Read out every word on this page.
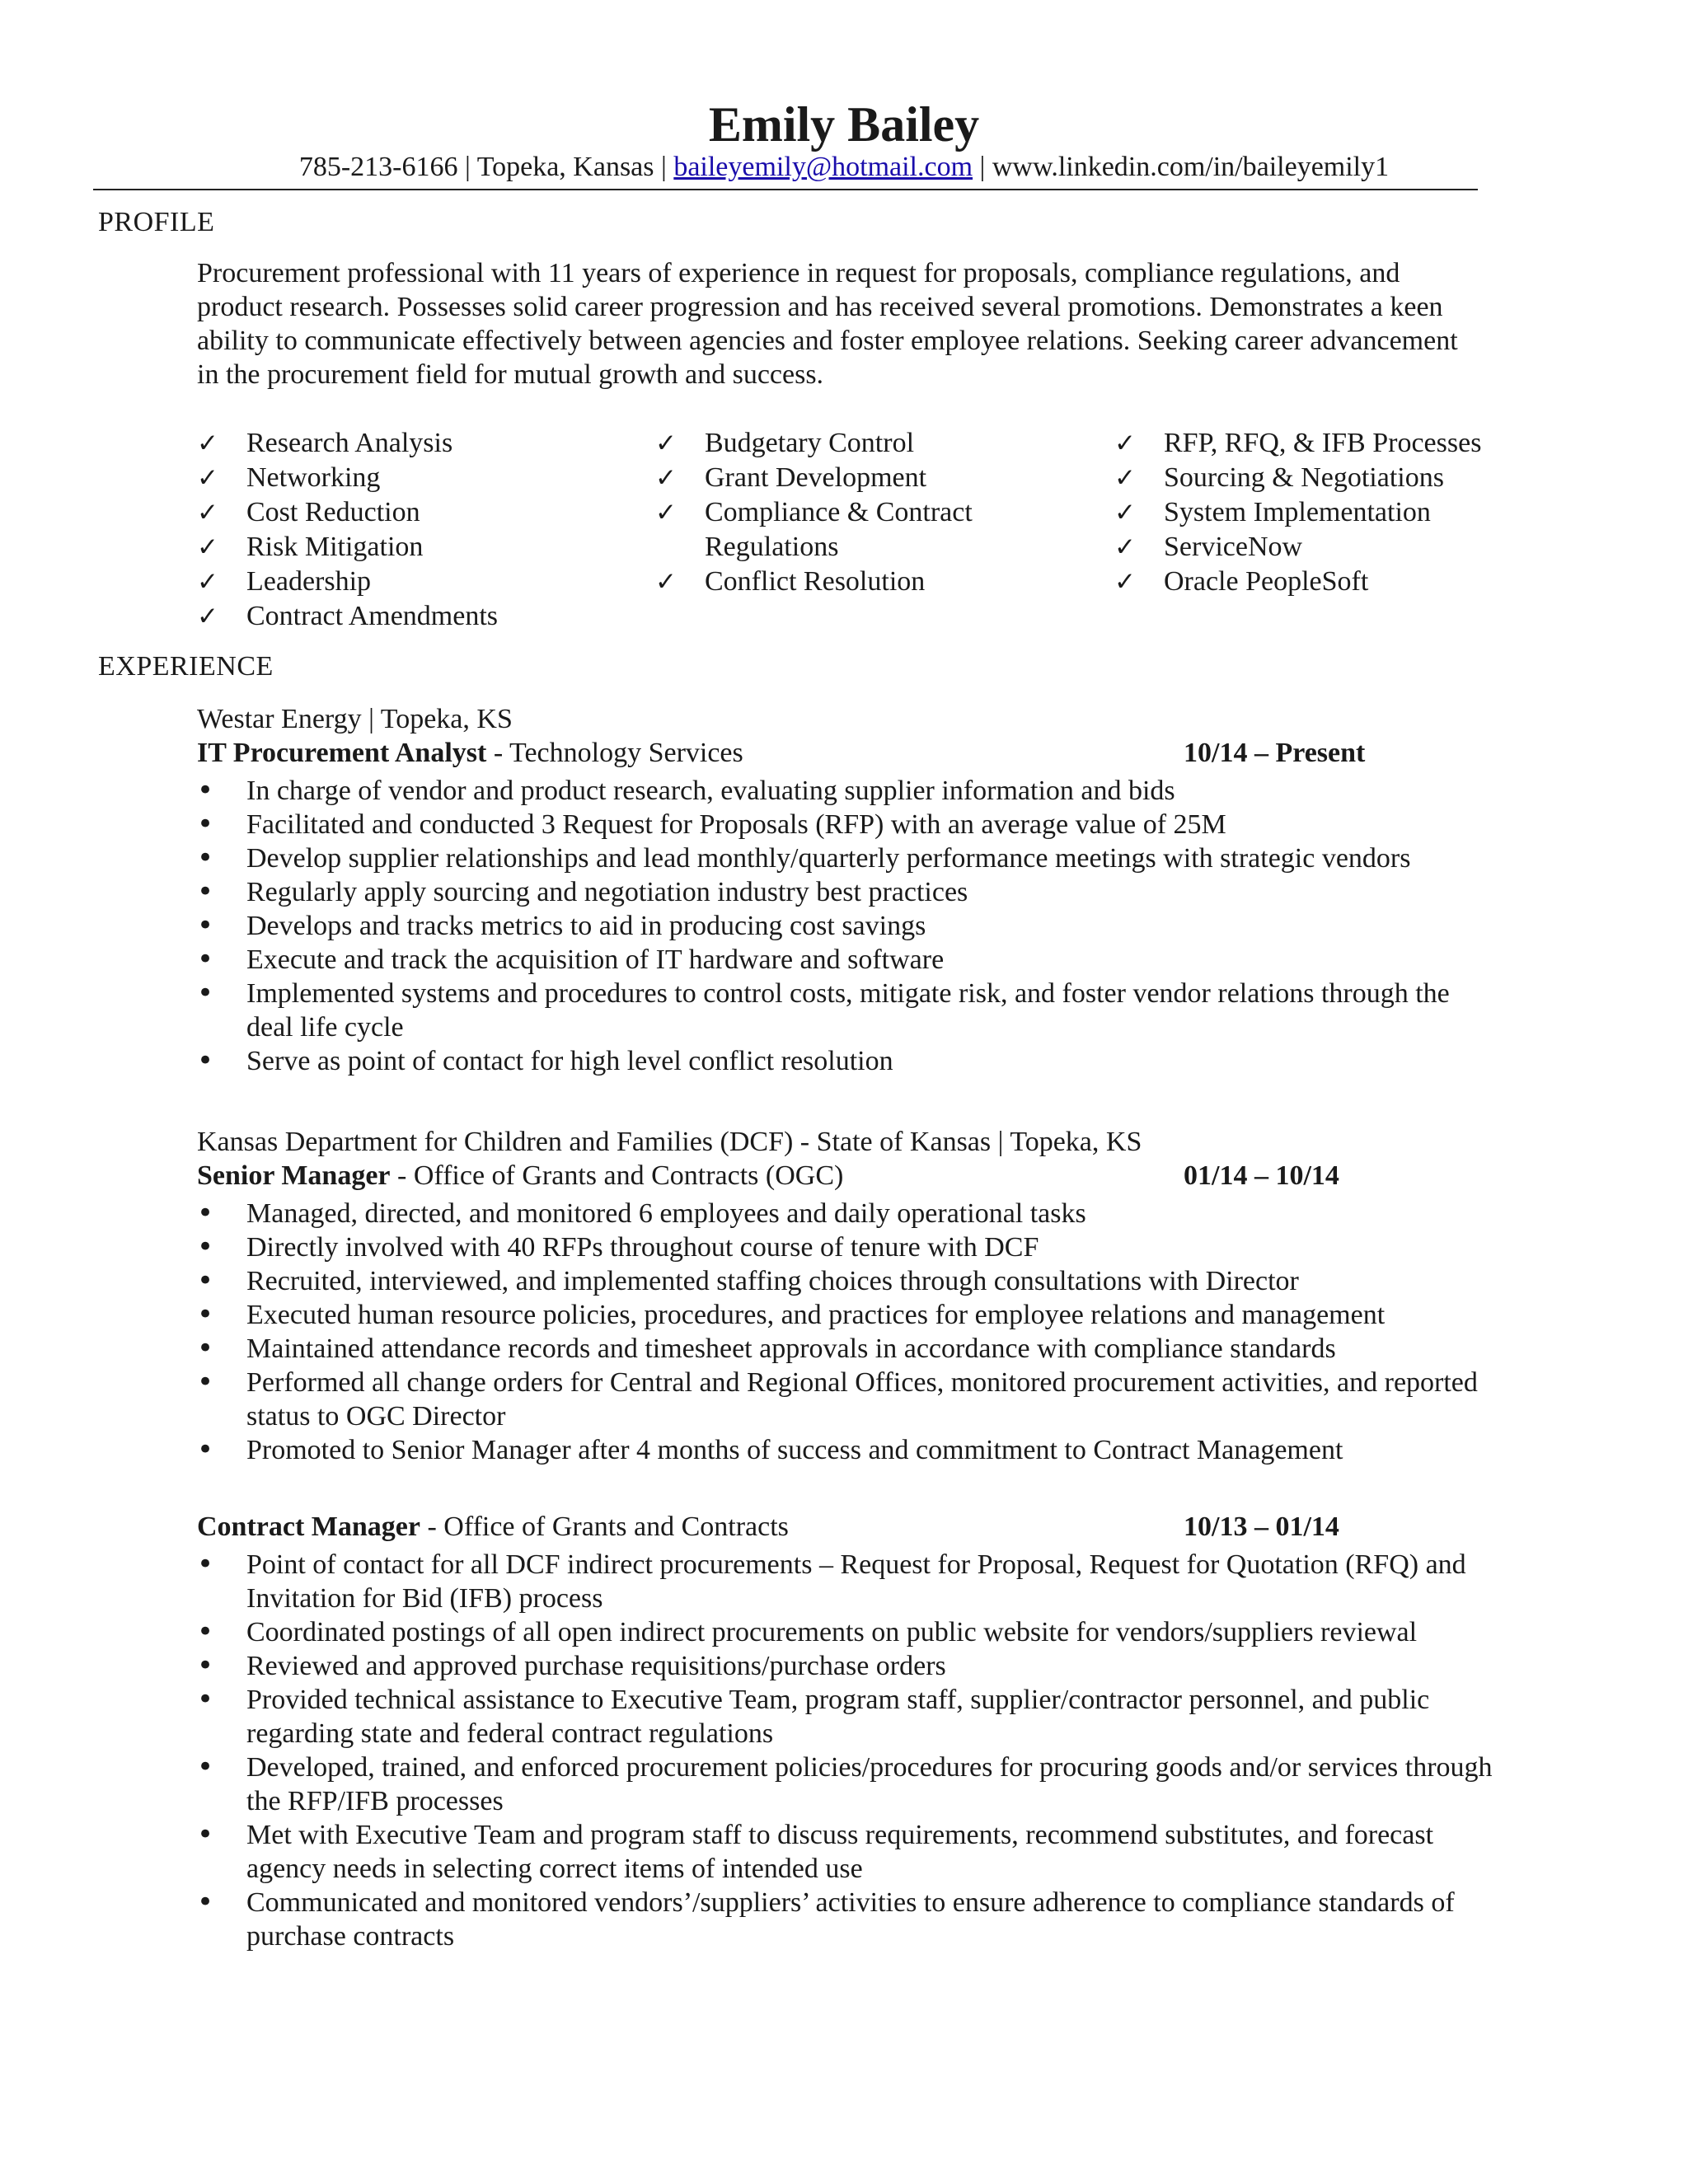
Emily Bailey
785-213-6166 | Topeka, Kansas | baileyemily@hotmail.com | www.linkedin.com/in/baileyemily1
PROFILE
Procurement professional with 11 years of experience in request for proposals, compliance regulations, and product research. Possesses solid career progression and has received several promotions. Demonstrates a keen ability to communicate effectively between agencies and foster employee relations. Seeking career advancement in the procurement field for mutual growth and success.
✓ Research Analysis
✓ Networking
✓ Cost Reduction
✓ Risk Mitigation
✓ Leadership
✓ Contract Amendments
✓ Budgetary Control
✓ Grant Development
✓ Compliance & Contract Regulations
✓ Conflict Resolution
✓ RFP, RFQ, & IFB Processes
✓ Sourcing & Negotiations
✓ System Implementation
✓ ServiceNow
✓ Oracle PeopleSoft
EXPERIENCE
Westar Energy | Topeka, KS
IT Procurement Analyst - Technology Services	10/14 – Present
• In charge of vendor and product research, evaluating supplier information and bids
• Facilitated and conducted 3 Request for Proposals (RFP) with an average value of 25M
• Develop supplier relationships and lead monthly/quarterly performance meetings with strategic vendors
• Regularly apply sourcing and negotiation industry best practices
• Develops and tracks metrics to aid in producing cost savings
• Execute and track the acquisition of IT hardware and software
• Implemented systems and procedures to control costs, mitigate risk, and foster vendor relations through the deal life cycle
• Serve as point of contact for high level conflict resolution
Kansas Department for Children and Families (DCF) - State of Kansas | Topeka, KS
Senior Manager - Office of Grants and Contracts (OGC)	01/14 – 10/14
• Managed, directed, and monitored 6 employees and daily operational tasks
• Directly involved with 40 RFPs throughout course of tenure with DCF
• Recruited, interviewed, and implemented staffing choices through consultations with Director
• Executed human resource policies, procedures, and practices for employee relations and management
• Maintained attendance records and timesheet approvals in accordance with compliance standards
• Performed all change orders for Central and Regional Offices, monitored procurement activities, and reported status to OGC Director
• Promoted to Senior Manager after 4 months of success and commitment to Contract Management
Contract Manager - Office of Grants and Contracts	10/13 – 01/14
• Point of contact for all DCF indirect procurements – Request for Proposal, Request for Quotation (RFQ) and Invitation for Bid (IFB) process
• Coordinated postings of all open indirect procurements on public website for vendors/suppliers reviewal
• Reviewed and approved purchase requisitions/purchase orders
• Provided technical assistance to Executive Team, program staff, supplier/contractor personnel, and public regarding state and federal contract regulations
• Developed, trained, and enforced procurement policies/procedures for procuring goods and/or services through the RFP/IFB processes
• Met with Executive Team and program staff to discuss requirements, recommend substitutes, and forecast agency needs in selecting correct items of intended use
• Communicated and monitored vendors’/suppliers’ activities to ensure adherence to compliance standards of purchase contracts
